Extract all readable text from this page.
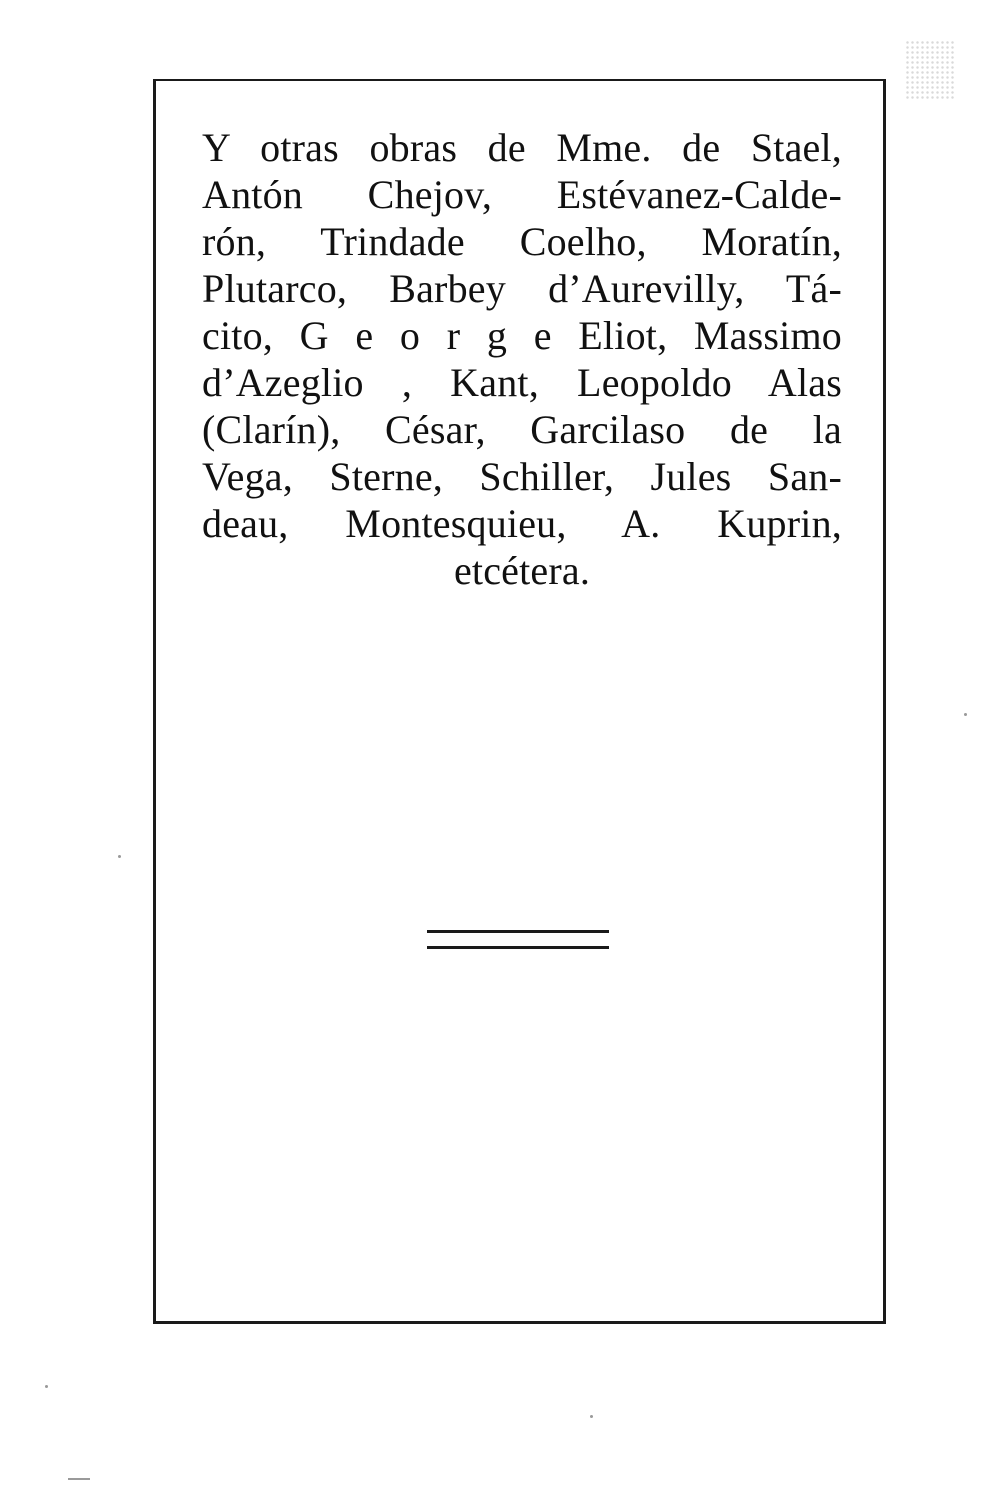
Y otras obras de Mme. de Stael,
Antón Chejov, Estévanez-Calde-
rón, Trindade Coelho, Moratín,
Plutarco, Barbey d’Aurevilly, Tá-
cito, G e o r g e Eliot, Massimo
d’Azeglio , Kant, Leopoldo Alas
(Clarín), César, Garcilaso de la
Vega, Sterne, Schiller, Jules San-
deau, Montesquieu, A. Kuprin,
etcétera.
